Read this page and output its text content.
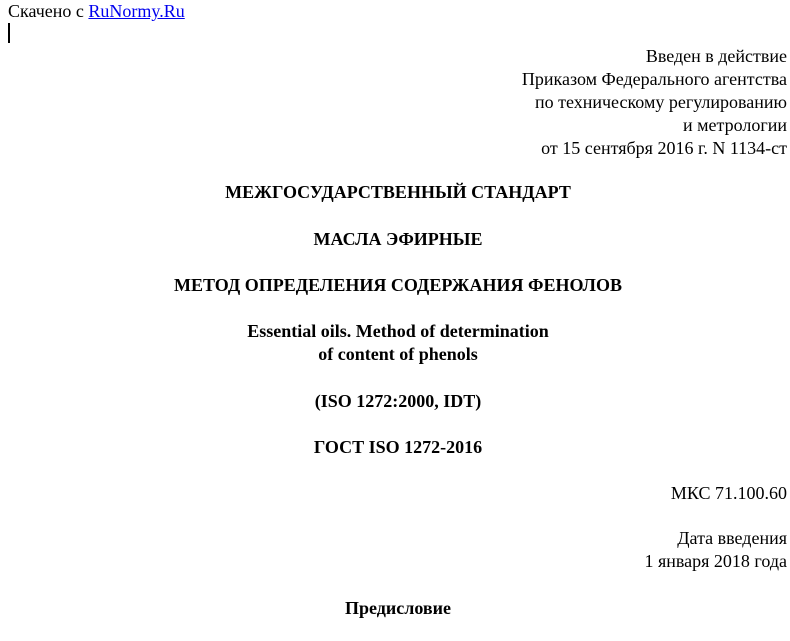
Скачено с RuNormy.Ru
Введен в действие
Приказом Федерального агентства
по техническому регулированию
и метрологии
от 15 сентября 2016 г. N 1134-ст
МЕЖГОСУДАРСТВЕННЫЙ СТАНДАРТ
МАСЛА ЭФИРНЫЕ
МЕТОД ОПРЕДЕЛЕНИЯ СОДЕРЖАНИЯ ФЕНОЛОВ
Essential oils. Method of determination
of content of phenols
(ISO 1272:2000, IDT)
ГОСТ ISO 1272-2016
МКС 71.100.60
Дата введения
1 января 2018 года
Предисловие
